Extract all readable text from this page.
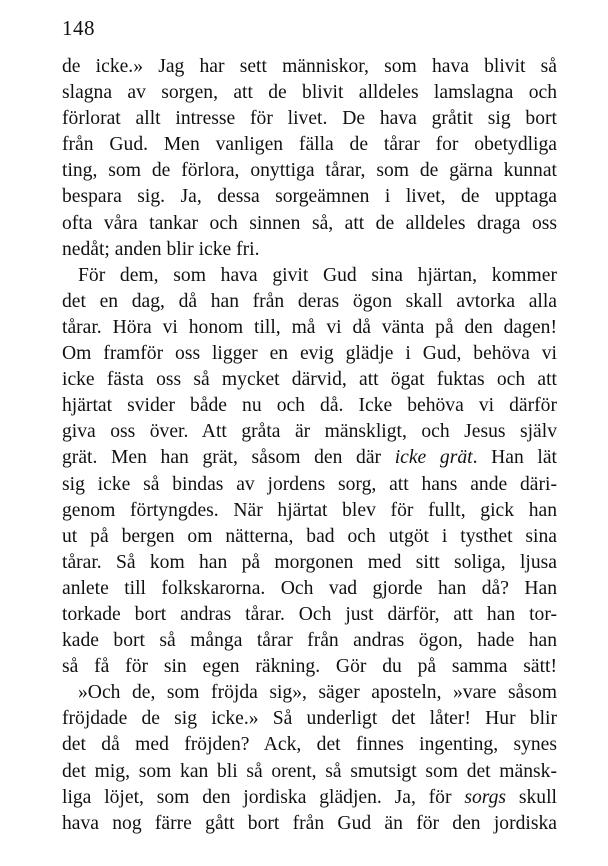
148
de icke.» Jag har sett människor, som hava blivit så
slagna av sorgen, att de blivit alldeles lamslagna och
förlorat allt intresse för livet. De hava gråtit sig bort
från Gud. Men vanligen fälla de tårar for obetydliga
ting, som de förlora, onyttiga tårar, som de gärna kunnat
bespara sig. Ja, dessa sorgeämnen i livet, de upptaga
ofta våra tankar och sinnen så, att de alldeles draga oss
nedåt; anden blir icke fri.
För dem, som hava givit Gud sina hjärtan, kommer
det en dag, då han från deras ögon skall avtorka alla
tårar. Höra vi honom till, må vi då vänta på den dagen!
Om framför oss ligger en evig glädje i Gud, behöva vi
icke fästa oss så mycket därvid, att ögat fuktas och att
hjärtat svider både nu och då. Icke behöva vi därför
giva oss över. Att gråta är mänskligt, och Jesus själv
grät. Men han grät, såsom den där icke grät. Han lät
sig icke så bindas av jordens sorg, att hans ande däri-
genom förtyngdes. När hjärtat blev för fullt, gick han
ut på bergen om nätterna, bad och utgöt i tysthet sina
tårar. Så kom han på morgonen med sitt soliga, ljusa
anlete till folkskarorna. Och vad gjorde han då? Han
torkade bort andras tårar. Och just därför, att han tor-
kade bort så många tårar från andras ögon, hade han
så få för sin egen räkning. Gör du på samma sätt!
»Och de, som fröjda sig», säger aposteln, »vare såsom
fröjdade de sig icke.» Så underligt det låter! Hur blir
det då med fröjden? Ack, det finnes ingenting, synes
det mig, som kan bli så orent, så smutsigt som det mänsk-
liga löjet, som den jordiska glädjen. Ja, för sorgs skull
hava nog färre gått bort från Gud än för den jordiska
